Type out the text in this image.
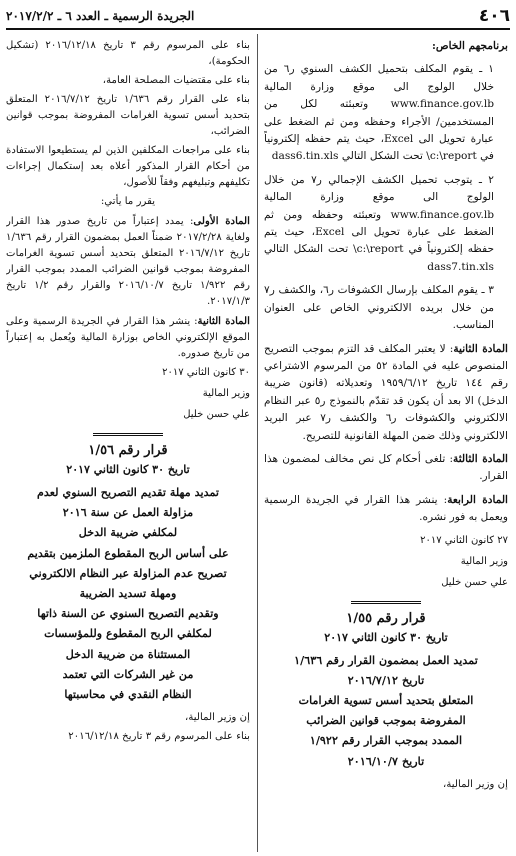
٤٠٦
الجريدة الرسمية ـ العدد ٦ ـ ٢٠١٧/٢/٢

برنامجهم الخاص:

١ ـ يقوم المكلف بتحميل الكشف السنوي ر٦ من خلال الولوج الى موقع وزارة المالية www.finance.gov.lb وتعبئته لكل من المستخدمين/ الأجراء وحفظه ومن ثم الضغط على عبارة تحويل الى Excel، حيث يتم حفظه إلكترونياً في c:\report\ تحت الشكل التالي dass6.tin.xls

٢ ـ يتوجب تحميل الكشف الإجمالي ر٧ من خلال الولوج الى موقع وزارة المالية www.finance.gov.lb وتعبئته وحفظه ومن ثم الضغط على عبارة تحويل الى Excel، حيث يتم حفظه إلكترونياً في c:\report\ تحت الشكل التالي dass7.tin.xls

٣ ـ يقوم المكلف بإرسال الكشوفات ر٦، والكشف ر٧ من خلال بريده الالكتروني الخاص على العنوان المناسب.

المادة الثانية: لا يعتبر المكلف قد التزم بموجب التصريح المنصوص عليه في المادة ٥٢ من المرسوم الاشتراعي رقم ١٤٤ تاريخ ١٩٥٩/٦/١٢ وتعديلاته (قانون ضريبة الدخل) الا بعد أن يكون قد تقدّم بالنموذج ر٥ عبر النظام الالكتروني والكشوفات ر٦ والكشف ر٧ عبر البريد الالكتروني وذلك ضمن المهلة القانونية للتصريح.

المادة الثالثة: تلغى أحكام كل نص مخالف لمضمون هذا القرار.

المادة الرابعة: ينشر هذا القرار في الجريدة الرسمية ويعمل به فور نشره.

٢٧ كانون الثاني ٢٠١٧

وزير المالية

علي حسن خليل

قرار رقم ١/٥٥
تاريخ ٣٠ كانون الثاني ٢٠١٧
تمديد العمل بمضمون القرار رقم ١/٦٣٦
تاريخ ٢٠١٦/٧/١٢
المتعلق بتحديد أسس تسوية الغرامات
المفروضة بموجب قوانين الضرائب
الممدد بموجب القرار رقم ١/٩٢٢
تاريخ ٢٠١٦/١٠/٧

إن وزير المالية،

بناء على المرسوم رقم ٣ تاريخ ٢٠١٦/١٢/١٨ (تشكيل الحكومة)،

بناء على مقتضيات المصلحة العامة،

بناء على القرار رقم ١/٦٣٦ تاريخ ٢٠١٦/٧/١٢ المتعلق بتحديد أسس تسوية الغرامات المفروضة بموجب قوانين الضرائب،

بناء على مراجعات المكلفين الذين لم يستطيعوا الاستفادة من أحكام القرار المذكور أعلاه بعد إستكمال إجراءات تكليفهم وتبليغهم وفقاً للأصول،

يقرر ما يأتي:

المادة الأولى: يمدد إعتباراً من تاريخ صدور هذا القرار ولغاية ٢٠١٧/٢/٢٨ ضمناً العمل بمضمون القرار رقم ١/٦٣٦ تاريخ ٢٠١٦/٧/١٢ المتعلق بتحديد أسس تسوية الغرامات المفروضة بموجب قوانين الضرائب الممدد بموجب القرار رقم ١/٩٢٢ تاريخ ٢٠١٦/١٠/٧ والقرار رقم ١/٢ تاريخ ٢٠١٧/١/٣.

المادة الثانية: ينشر هذا القرار في الجريدة الرسمية وعلى الموقع الإلكتروني الخاص بوزارة المالية ويُعمل به إعتباراً من تاريخ صدوره.

٣٠ كانون الثاني ٢٠١٧

وزير المالية

علي حسن خليل

قرار رقم ١/٥٦
تاريخ ٣٠ كانون الثاني ٢٠١٧
تمديد مهلة تقديم التصريح السنوي لعدم
مزاولة العمل عن سنة ٢٠١٦
لمكلفي ضريبة الدخل
على أساس الربح المقطوع الملزمين بتقديم
تصريح عدم المزاولة عبر النظام الالكتروني
ومهلة تسديد الضريبة
وتقديم التصريح السنوي عن السنة ذاتها
لمكلفي الربح المقطوع وللمؤسسات
المستثناة من ضريبة الدخل
من غير الشركات التي تعتمد
النظام النقدي في محاسبتها

إن وزير المالية،

بناء على المرسوم رقم ٣ تاريخ ٢٠١٦/١٢/١٨
